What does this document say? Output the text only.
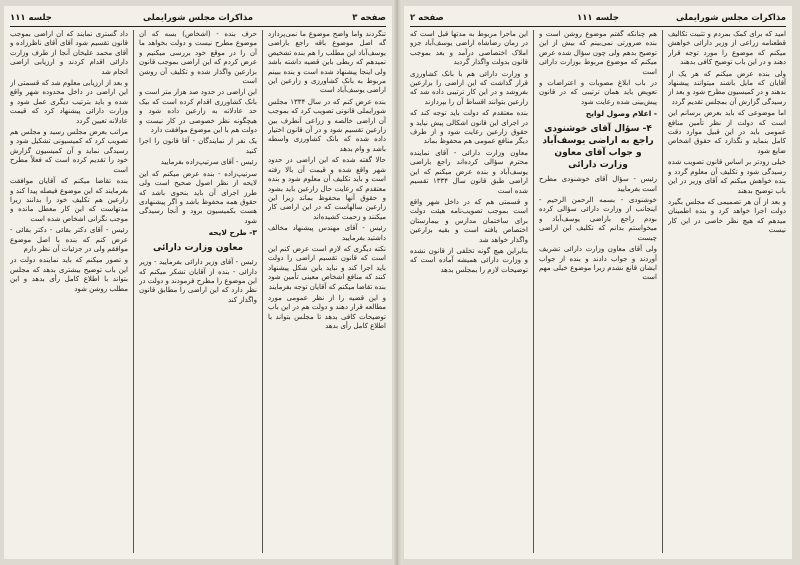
صفحه ٣
مذاکرات مجلس شورایملی
جلسه ۱۱۱
تنگردند واما واضح موضوع ما نمی‌پردازد گه اصل موضوع باقه راجع باراضی یوسف‌آباد این مطلب را هم بنده تشخیص نمیدهم که ربطی باین قضیه داشته باشد ولی اینجا پیشنهاد شده است و بنده ببینم مربوط به بانک کشاورزی و زارعین این اراضی یوسف‌آباد است
بنده عرض کنم که در سال ۱۳۳۴ مجلس شورایملی قانونی تصویب کرد که بموجب آن اراضی خالصه و زراعی آنطرف بین زارعین تقسیم شود و در آن قانون اختیار داده شده که بانک کشاورزی واسطه باشد و وام بدهد
حالا گفته شده که این اراضی در حدود شهر واقع شده و قیمت آن بالا رفته است و باید تکلیف آن معلوم شود و بنده معتقدم که رعایت حال زارعین باید بشود و حقوق آنها محفوظ بماند زیرا این زارعین سالهاست که در این اراضی کار میکنند و زحمت کشیده‌اند
رئیس - آقای مهندس پیشنهاد مخالف داشتید بفرمایید
نکته دیگری که لازم است عرض کنم این است که قانون تقسیم اراضی را دولت باید اجرا کند و نباید باین شکل پیشنهاد کنند که منافع اشخاص معینی تأمین شود بنده تقاضا میکنم که آقایان توجه بفرمایند
و این قضیه را از نظر عمومی مورد مطالعه قرار دهند و دولت هم در این باب توضیحات کافی بدهد تا مجلس بتواند با اطلاع کامل رأی بدهد
حرف بنده - (اشخاص) بسه که آن موضوع مطرح نیست و دولت بخواهد ما آن را در موقع خود بررسی میکنیم و عرض کردم که این اراضی بموجب قانون بزارعین واگذار شده و تکلیف آن روشن است
این اراضی در حدود صد هزار متر است و بانک کشاورزی اقدام کرده است که بیک حد عادلانه به زارعین داده شود و هیچگونه نظر خصوصی در کار نیست و دولت هم با این موضوع موافقت دارد
یک نفر از نمایندگان - آقا قانون را اجرا کنید
رئیس - آقای سرتیپ‌زاده بفرمایید
سرتیپ‌زاده - بنده عرض میکنم که این لایحه از نظر اصول صحیح است ولی طرز اجرای آن باید بنحوی باشد که حقوق همه محفوظ باشد و اگر پیشنهادی هست بکمیسیون برود و آنجا رسیدگی شود
۳- طرح لایحه
معاون وزارت دارائی
رئیس - آقای وزیر دارائی بفرمایید - وزیر دارائی - بنده از آقایان تشکر میکنم که این موضوع را مطرح فرمودند و دولت در نظر دارد که این اراضی را مطابق قانون واگذار کند
داد گستری نمایند که آن اراضی بموجب قانون تقسیم شود آقای آقای ناظرزاده و آقای محمد علیخان آنجا از طرف وزارت دارائی اقدام کردند و ارزیابی اراضی انجام شد
و بعد از ارزیابی معلوم شد که قسمتی از این اراضی در داخل محدوده شهر واقع شده و باید بترتیب دیگری عمل شود و وزارت دارائی پیشنهاد کرد که قیمت عادلانه تعیین گردد
مراتب بعرض مجلس رسید و مجلس هم تصویب کرد که کمیسیونی تشکیل شود و رسیدگی نماید و آن کمیسیون گزارش خود را تقدیم کرده است که فعلاً مطرح است
بنده تقاضا میکنم که آقایان موافقت بفرمایند که این موضوع فیصله پیدا کند و زارعین هم تکلیف خود را بدانند زیرا مدتهاست که این کار معطل مانده و موجب نگرانی اشخاص شده است
رئیس - آقای دکتر بقائی - دکتر بقائی - عرض کنم که بنده با اصل موضوع موافقم ولی در جزئیات آن نظر دارم
و تصور میکنم که باید نماینده دولت در این باب توضیح بیشتری بدهد که مجلس بتواند با اطلاع کامل رأی بدهد و این مطلب روشن شود
مذاکرات مجلس شورایملی
جلسه ۱۱۱
صفحه ٢
امید که برای کمک بمردم و تثبیت تکالیف قطعنامه زراعی از وزیر دارائی خواهش میکنم که موضوع را مورد توجه قرار دهند و در این باب توضیح کافی بدهند
ولی بنده عرض میکنم که هر یک از آقایان که مایل باشند میتوانند پیشنهاد بدهند و در کمیسیون مطرح شود و بعد از رسیدگی گزارش آن بمجلس تقدیم گردد
اما موضوعی که باید بعرض برسانم این است که دولت از نظر تأمین منافع عمومی باید در این قبیل موارد دقت کامل بنماید و نگذارد که حقوق اشخاص ضایع شود
خیلی زودتر بر اساس قانون تصویب شده رسیدگی شود و تکلیف آن معلوم گردد و بنده خواهش میکنم که آقای وزیر در این باب توضیح بدهند
و بعد از آن هر تصمیمی که مجلس بگیرد دولت اجرا خواهد کرد و بنده اطمینان میدهم که هیچ نظر خاصی در این کار نیست
هم چنانکه گفتم موضوع روشن است و بنده ضرورتی نمی‌بینم که بیش از این توضیح بدهم ولی چون سؤال شده عرض میکنم که موضوع مربوط بوزارت دارائی است
در باب ابلاغ مصوبات و اعتراضات و تعویض باید همان ترتیبی که در قانون پیش‌بینی شده رعایت شود
- اعلام وصول لوایح
۴- سؤال آقای خوشنودی راجع به اراضی یوسف‌آباد و جواب آقای معاون وزارت دارائی
رئیس - سؤال آقای خوشنودی مطرح است بفرمایید
خوشنودی - بسمه الرحمن الرحیم - اینجانب از وزارت دارائی سؤالی کرده بودم راجع باراضی یوسف‌آباد و میخواستم بدانم که تکلیف این اراضی چیست
ولی آقای معاون وزارت دارائی تشریف آوردند و جواب دادند و بنده از جواب ایشان قانع نشدم زیرا موضوع خیلی مهم است
این ماجرا مربوط به مدتها قبل است که در زمان رضاشاه اراضی یوسف‌آباد جزو املاک اختصاصی درآمد و بعد بموجب قانون بدولت واگذار گردید
و وزارت دارائی هم با بانک کشاورزی قرار گذاشت که این اراضی را بزارعین بفروشد و در این کار ترتیبی داده شد که زارعین بتوانند اقساط آن را بپردازند
بنده معتقدم که دولت باید توجه کند که در اجرای این قانون اشکالی پیش نیاید و حقوق زارعین رعایت شود و از طرف دیگر منافع عمومی هم محفوظ بماند
معاون وزارت دارائی - آقای نماینده محترم سؤالی کرده‌اند راجع باراضی یوسف‌آباد و بنده عرض میکنم که این اراضی طبق قانون سال ۱۳۳۴ تقسیم شده است
و قسمتی هم که در داخل شهر واقع است بموجب تصویب‌نامه هیئت دولت برای ساختمان مدارس و بیمارستان اختصاص یافته است و بقیه بزارعین واگذار خواهد شد
بنابراین هیچ گونه تخلفی از قانون نشده و وزارت دارائی همیشه آماده است که توضیحات لازم را بمجلس بدهد
